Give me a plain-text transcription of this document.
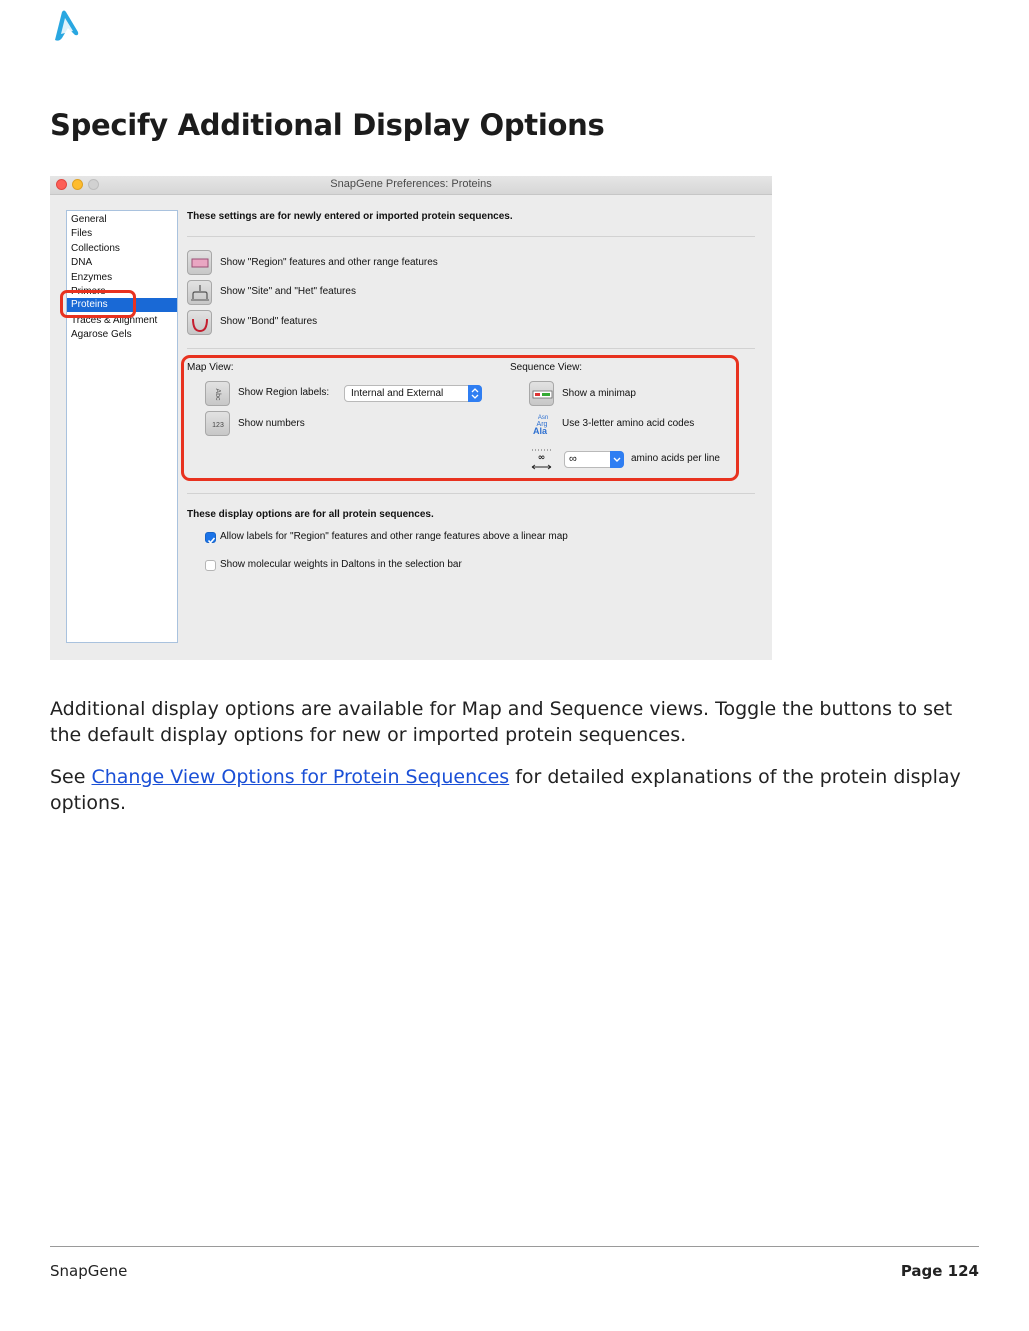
Specify Additional Display Options
SnapGene Preferences: Proteins
General
Files
Collections
DNA
Enzymes
Primers
Proteins
Traces & Alignment
Agarose Gels
These settings are for newly entered or imported protein sequences.
Show "Region" features and other range features
Show "Site" and "Het" features
Show "Bond" features
Map View:
Abc Show Region labels:	Internal and External
123 Show numbers
Sequence View:
Show a minimap
Asn
Arg
Ala
Use 3-letter amino acid codes
∞	∞	amino acids per line
These display options are for all protein sequences.
Allow labels for "Region" features and other range features above a linear map
Show molecular weights in Daltons in the selection bar

Additional display options are available for Map and Sequence views. Toggle the buttons to set the default display options for new or imported protein sequences.

See Change View Options for Protein Sequences for detailed explanations of the protein display options.

SnapGene	Page 124
